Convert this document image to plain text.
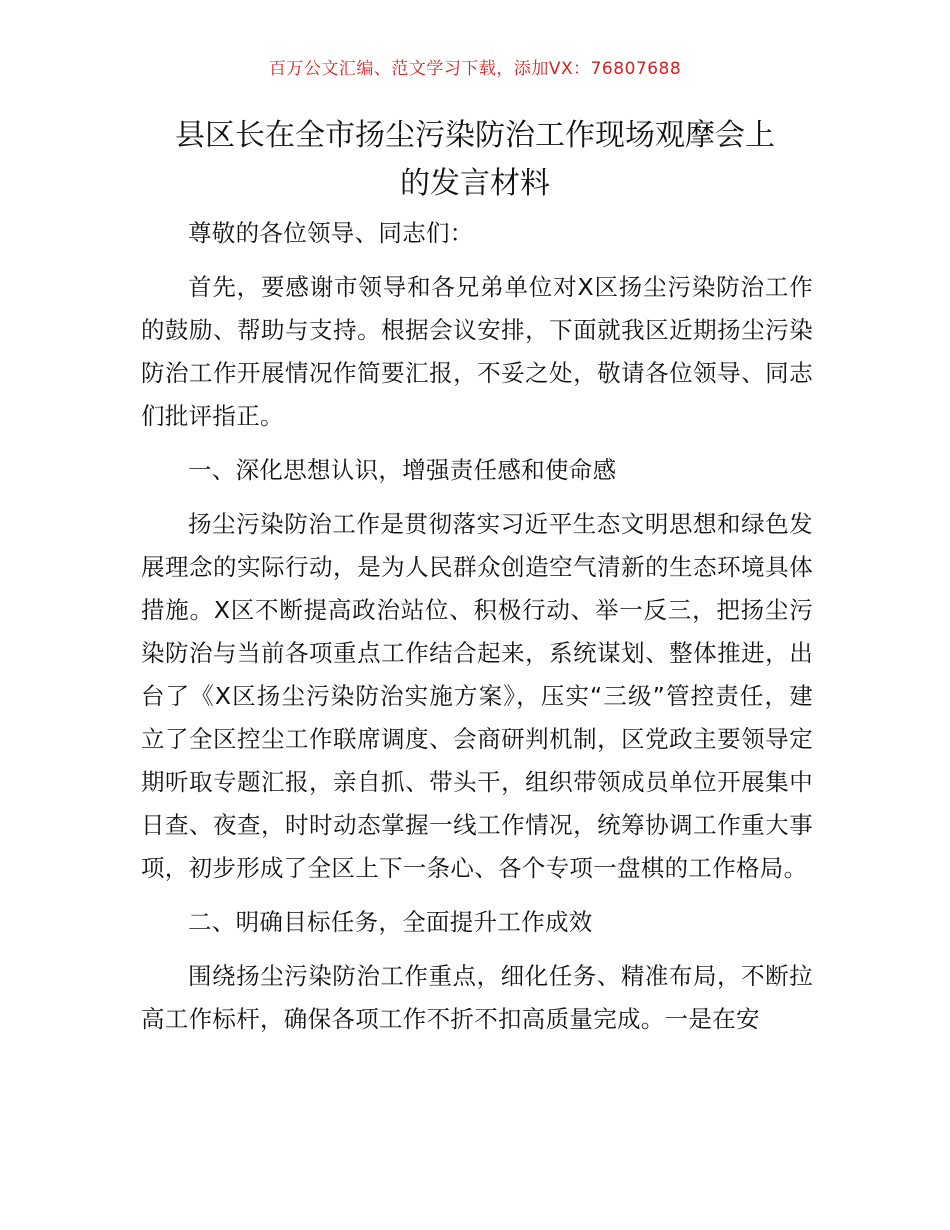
百万公文汇编、范文学习下载，添加VX：76807688
县区长在全市扬尘污染防治工作现场观摩会上
的发言材料

尊敬的各位领导、同志们：

首先，要感谢市领导和各兄弟单位对X区扬尘污染防治工作的鼓励、帮助与支持。根据会议安排，下面就我区近期扬尘污染防治工作开展情况作简要汇报，不妥之处，敬请各位领导、同志们批评指正。

一、深化思想认识，增强责任感和使命感

扬尘污染防治工作是贯彻落实习近平生态文明思想和绿色发展理念的实际行动，是为人民群众创造空气清新的生态环境具体措施。X区不断提高政治站位、积极行动、举一反三，把扬尘污染防治与当前各项重点工作结合起来，系统谋划、整体推进，出台了《X区扬尘污染防治实施方案》，压实“三级”管控责任，建立了全区控尘工作联席调度、会商研判机制，区党政主要领导定期听取专题汇报，亲自抓、带头干，组织带领成员单位开展集中日查、夜查，时时动态掌握一线工作情况，统筹协调工作重大事项，初步形成了全区上下一条心、各个专项一盘棋的工作格局。

二、明确目标任务，全面提升工作成效

围绕扬尘污染防治工作重点，细化任务、精准布局，不断拉高工作标杆，确保各项工作不折不扣高质量完成。一是在安
